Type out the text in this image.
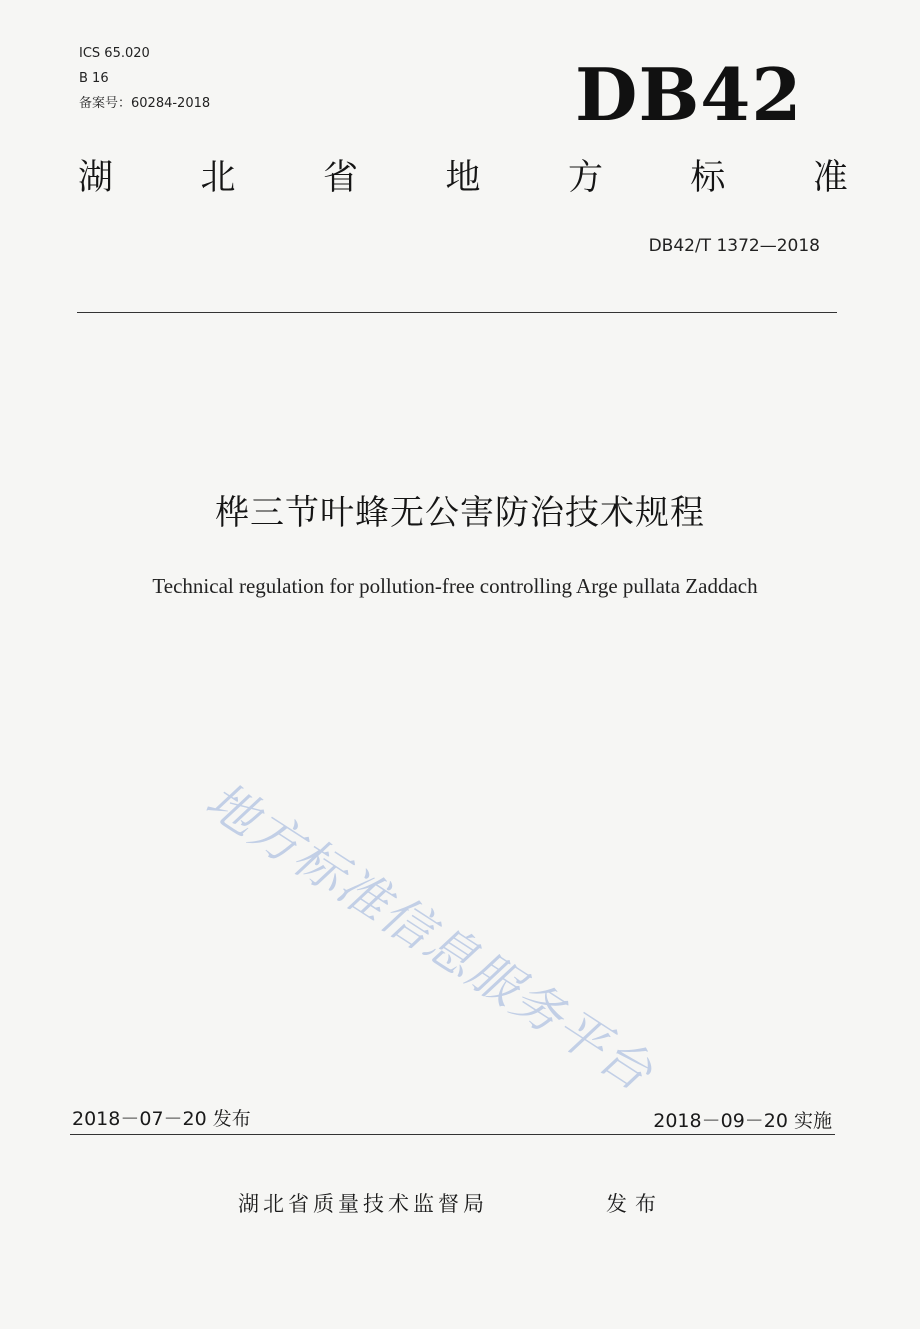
ICS 65.020
B 16
备案号：60284-2018	DB42
湖 北 省 地 方 标 准
DB42/T 1372—2018
桦三节叶蜂无公害防治技术规程
Technical regulation for pollution-free controlling Arge pullata Zaddach
地方标准信息服务平台
2018－07－20 发布	2018－09－20 实施
湖北省质量技术监督局	发布
